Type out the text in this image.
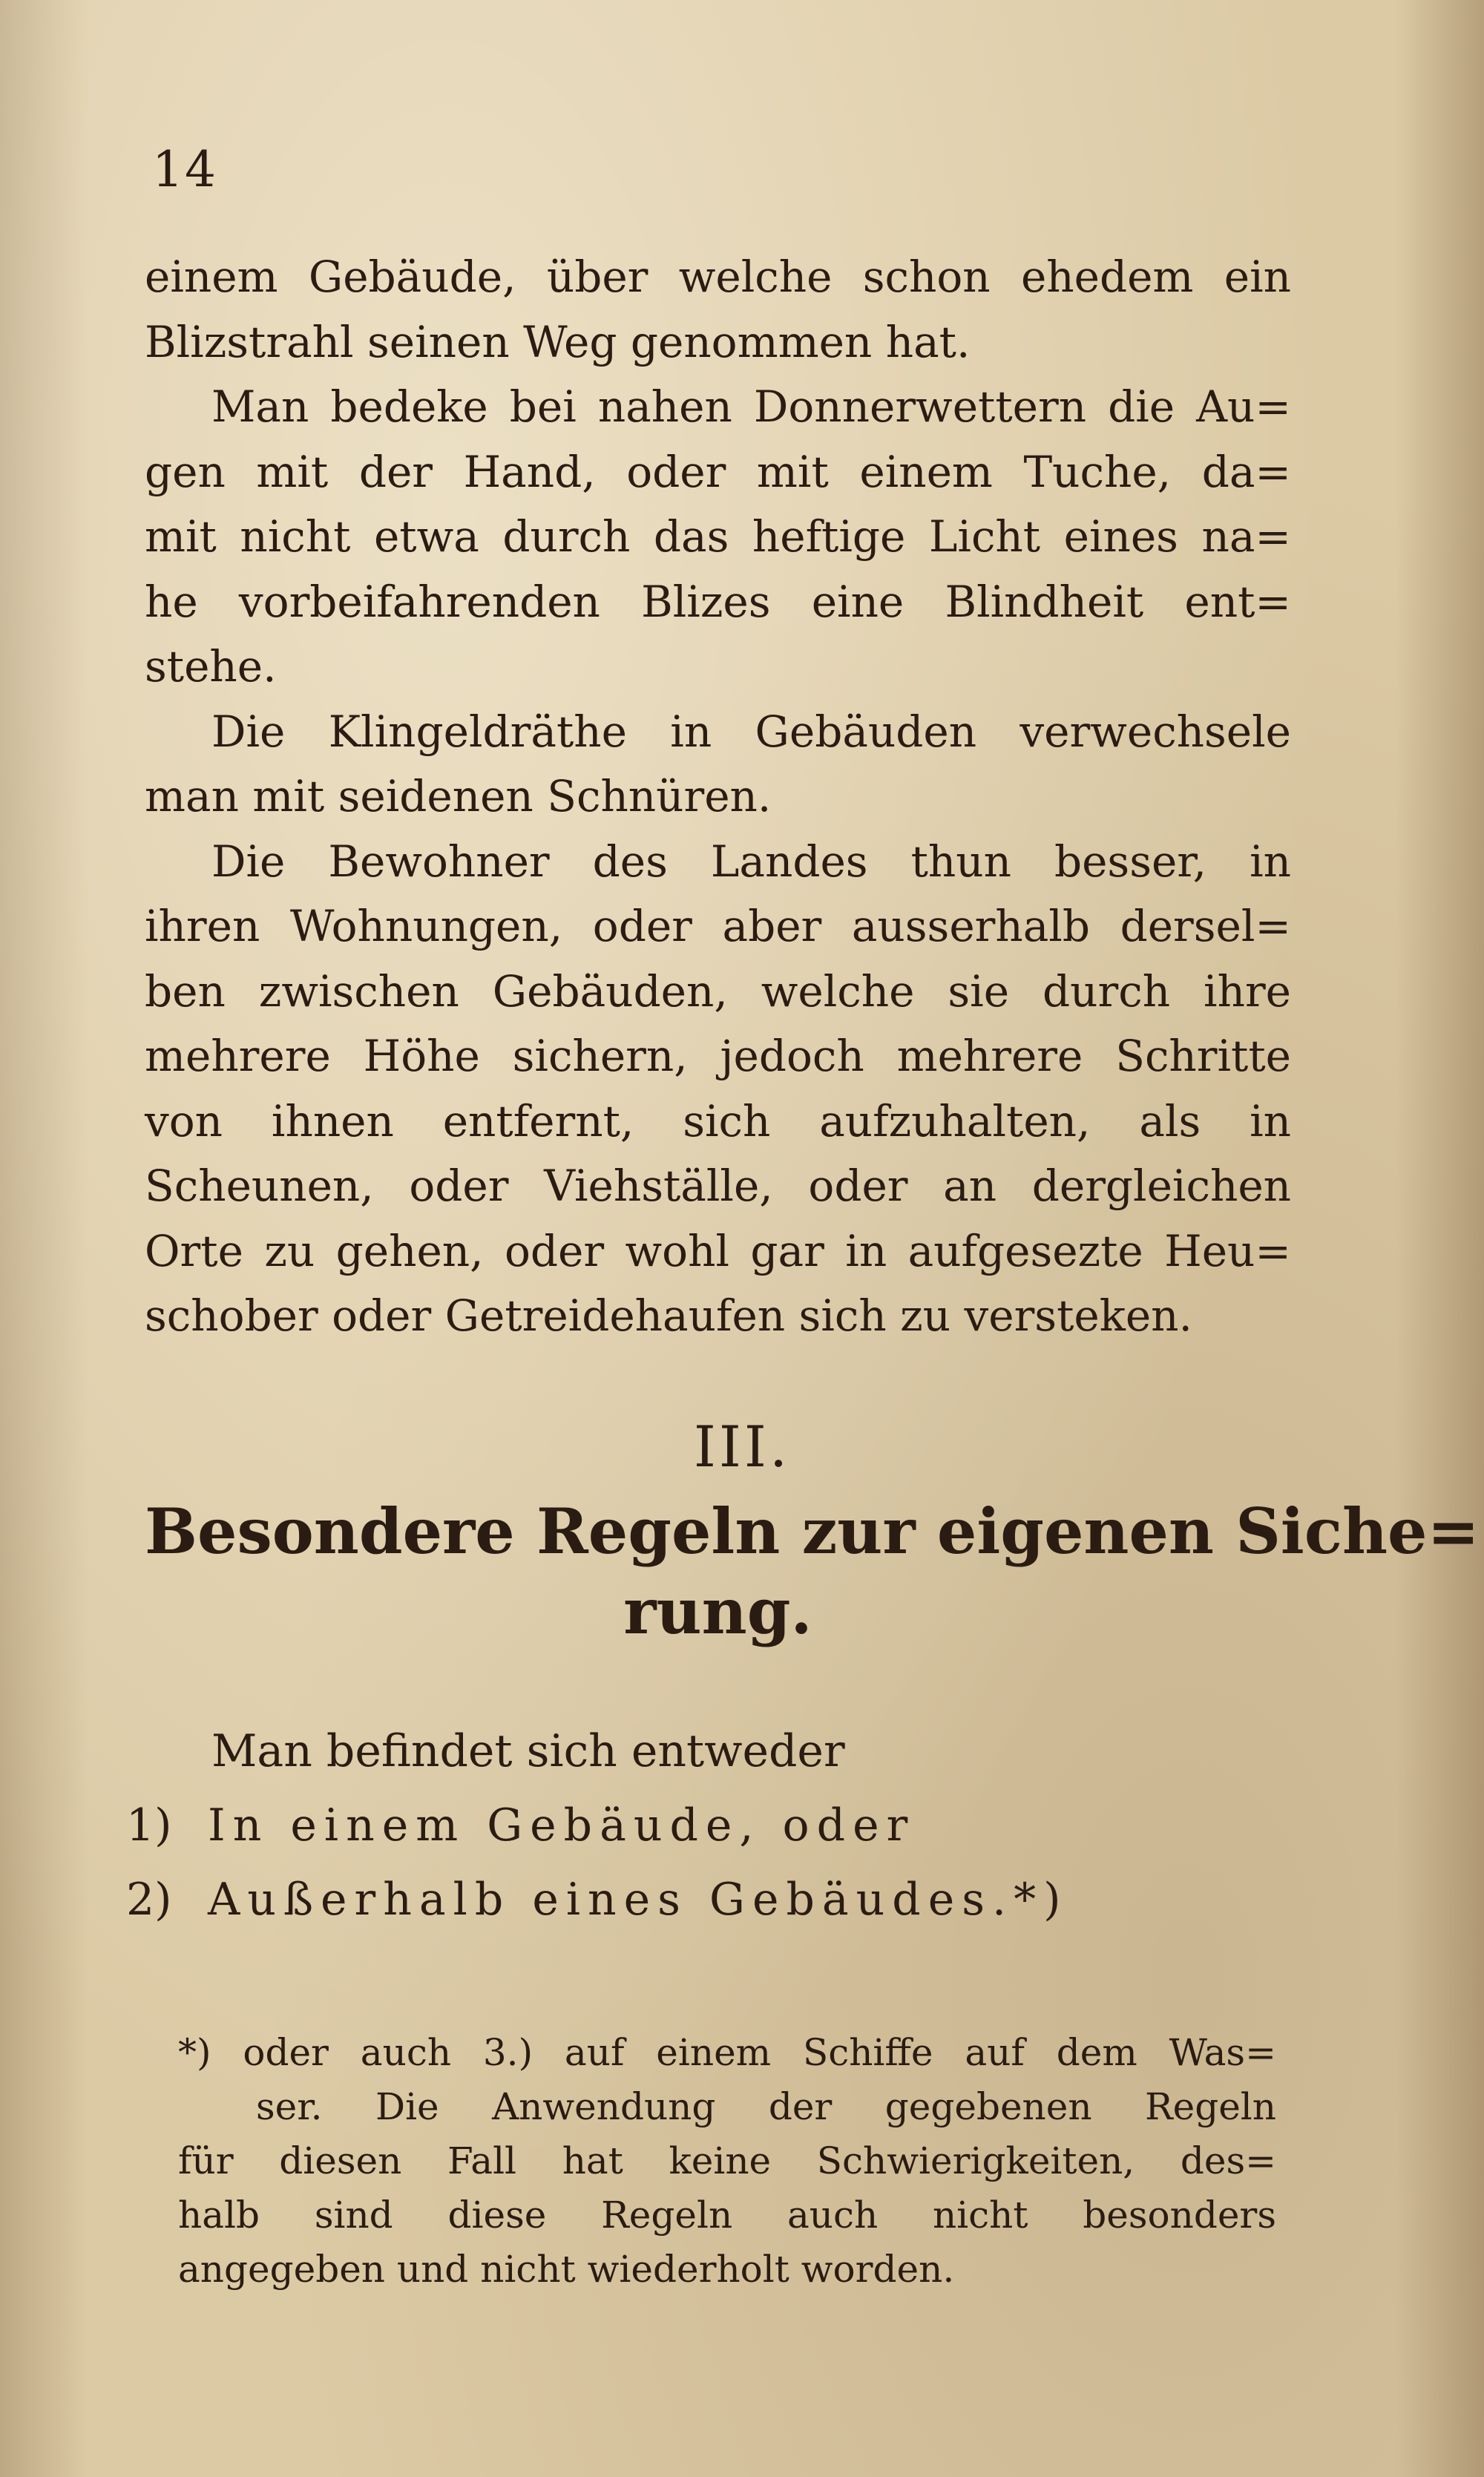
14
einem Gebäude, über welche schon ehedem ein
Blizstrahl seinen Weg genommen hat.
Man bedeke bei nahen Donnerwettern die Au=
gen mit der Hand, oder mit einem Tuche, da=
mit nicht etwa durch das heftige Licht eines na=
he vorbeifahrenden Blizes eine Blindheit ent=
stehe.
Die Klingeldräthe in Gebäuden verwechsele
man mit seidenen Schnüren.
Die Bewohner des Landes thun besser, in
ihren Wohnungen, oder aber ausserhalb dersel=
ben zwischen Gebäuden, welche sie durch ihre
mehrere Höhe sichern, jedoch mehrere Schritte
von ihnen entfernt, sich aufzuhalten, als in
Scheunen, oder Viehställe, oder an dergleichen
Orte zu gehen, oder wohl gar in aufgesezte Heu=
schober oder Getreidehaufen sich zu versteken.
III.
Besondere Regeln zur eigenen Siche=
rung.
Man befindet sich entweder
1) In einem Gebäude, oder
2) Außerhalb eines Gebäudes.*)
*) oder auch 3.) auf einem Schiffe auf dem Was=
ser. Die Anwendung der gegebenen Regeln
für diesen Fall hat keine Schwierigkeiten, des=
halb sind diese Regeln auch nicht besonders
angegeben und nicht wiederholt worden.
